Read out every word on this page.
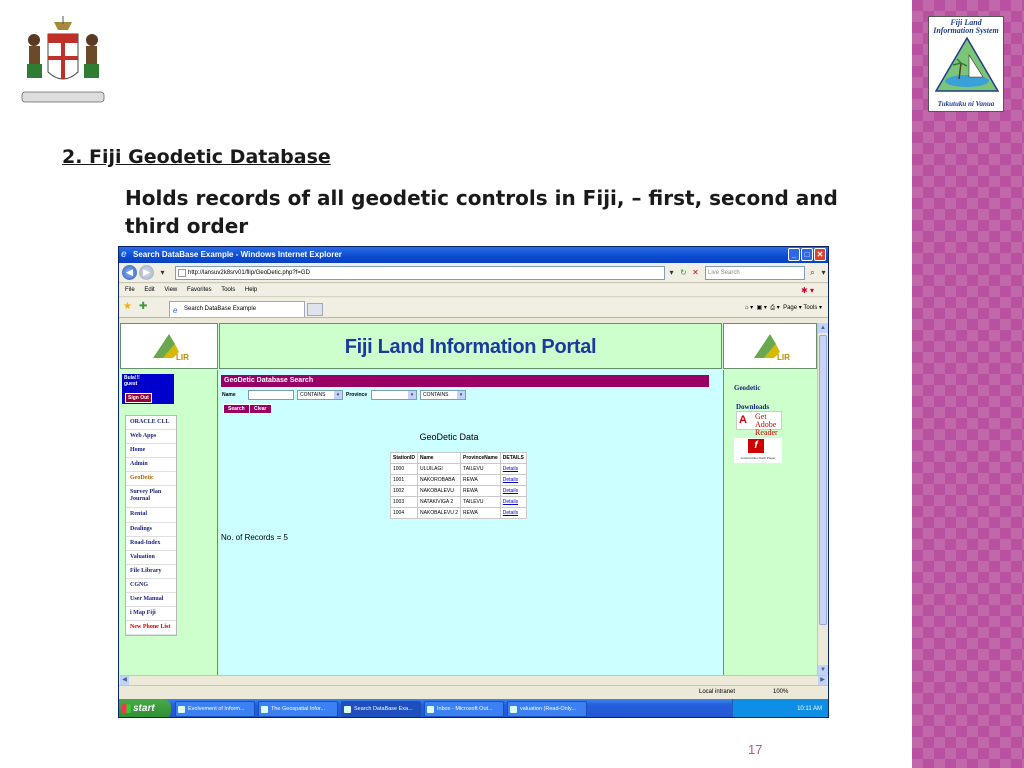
2. Fiji Geodetic Database
Holds records of all geodetic controls in Fiji, – first, second and third order
Fiji Land
Information System
Tukutuku ni Vanua
17
e Search DataBase Example - Windows Internet Explorer	_	□ ✕
◀	▶	▾	http://lansuv2k8srv01/flip/GeoDetic.php?f=GD	▾ ↻ ✕	Live Search	⌕ ▾
File Edit View Favorites Tools Help	✱ ▾
★ ✚	e Search DataBase Example	⌂ ▾ ▣ ▾ ⎙ ▾ Page ▾ Tools ▾
LIR	Fiji Land Information Portal	LIR
Bula!!!
guest
Sign Out
ORACLE CLL
Web Apps
Home
Admin
GeoDetic
Survey Plan Journal
Rental
Dealings
Road-Index
Valuation
File Library
CGNG
User Manual
i Map Fiji
New Phone List
GeoDetic Database Search
Name	CONTAINS	▾	Province	▾	CONTAINS	▾
Search	Clear
GeoDetic Data
StationID	Name	ProvinceName	DETAILS
1000	ULUILAGI	TAILEVU	Details
1001	NAKOROBABA	REWA	Details
1002	NAKOBALEVU	REWA	Details
1003	NATAKIVIGA 2	TAILEVU	Details
1004	NAKOBALEVU 2	REWA	Details
No. of Records = 5
Geodetic
Downloads
A Get Adobe Reader
f
Install Adobe Flash Player
▲
▼
◀	▶
Local intranet	100%
start	Evolvement of Inform...	The Geospatial Infor...	Search DataBase Exa...	Inbox - Microsoft Out...	valuation (Read-Only...	10:11 AM
